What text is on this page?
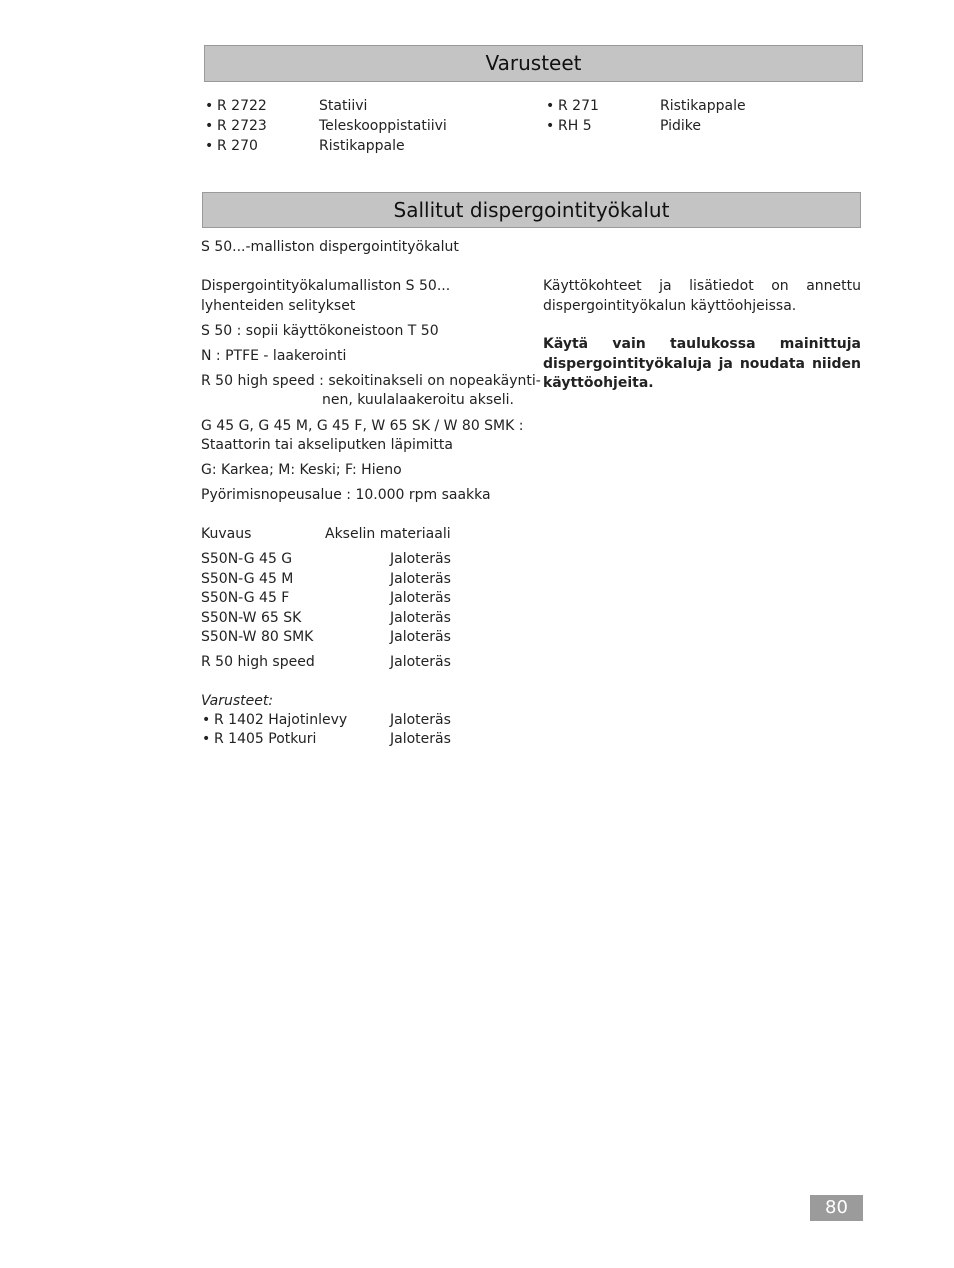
Varusteet
• R 2722	Statiivi
• R 2723	Teleskooppistatiivi
• R 270	Ristikappale
• R 271	Ristikappale
• RH 5	Pidike
Sallitut dispergointityökalut
S 50...-malliston dispergointityökalut
Dispergointityökalumalliston S 50...
lyhenteiden selitykset
S 50 : sopii käyttökoneistoon T 50
N : PTFE - laakerointi
R 50 high speed : sekoitinakseli on nopeakäynti-
nen, kuulalaakeroitu akseli.
G 45 G, G 45 M, G 45 F, W 65 SK / W 80 SMK :
Staattorin tai akseliputken läpimitta
G: Karkea; M: Keski; F: Hieno
Pyörimisnopeusalue : 10.000 rpm saakka
Kuvaus	Akselin materiaali
S50N-G 45 G	Jaloteräs
S50N-G 45 M	Jaloteräs
S50N-G 45 F	Jaloteräs
S50N-W 65 SK	Jaloteräs
S50N-W 80 SMK	Jaloteräs
R 50 high speed	Jaloteräs
Varusteet:
• R 1402 Hajotinlevy	Jaloteräs
• R 1405 Potkuri	Jaloteräs
Käyttökohteet ja lisätiedot on annettu dispergointityökalun käyttöohjeissa.
Käytä vain taulukossa mainittuja dispergointityökaluja ja noudata niiden käyttöohjeita.
80
